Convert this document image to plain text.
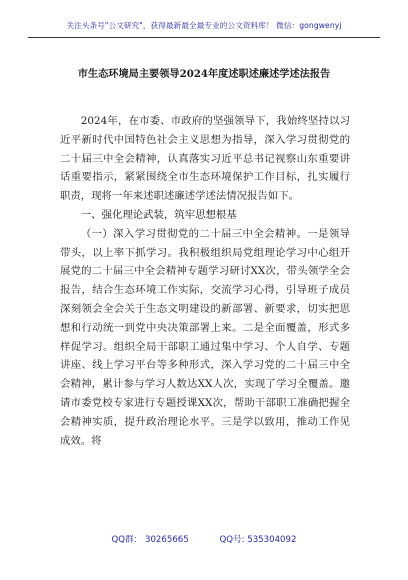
关注头条号"公文研究"，获得最新最全最专业的公文资料库！ 微信：gongwenyj
市生态环境局主要领导2024年度述职述廉述学述法报告

2024年，在市委、市政府的坚强领导下，我始终坚持以习近平新时代中国特色社会主义思想为指导，深入学习贯彻党的二十届三中全会精神，认真落实习近平总书记视察山东重要讲话重要指示，紧紧围绕全市生态环境保护工作目标，扎实履行职责，现将一年来述职述廉述学述法情况报告如下。

一、强化理论武装，筑牢思想根基

（一）深入学习贯彻党的二十届三中全会精神。一是领导带头，以上率下抓学习。我积极组织局党组理论学习中心组开展党的二十届三中全会精神专题学习研讨XX次，带头领学全会报告，结合生态环境工作实际，交流学习心得，引导班子成员深刻领会全会关于生态文明建设的新部署、新要求，切实把思想和行动统一到党中央决策部署上来。二是全面覆盖，形式多样促学习。组织全局干部职工通过集中学习、个人自学、专题讲座、线上学习平台等多种形式，深入学习党的二十届三中全会精神，累计参与学习人数达XX人次，实现了学习全覆盖。邀请市委党校专家进行专题授课XX次，帮助干部职工准确把握全会精神实质，提升政治理论水平。三是学以致用，推动工作见成效。将

QQ群： 30265665	QQ号: 535304092
